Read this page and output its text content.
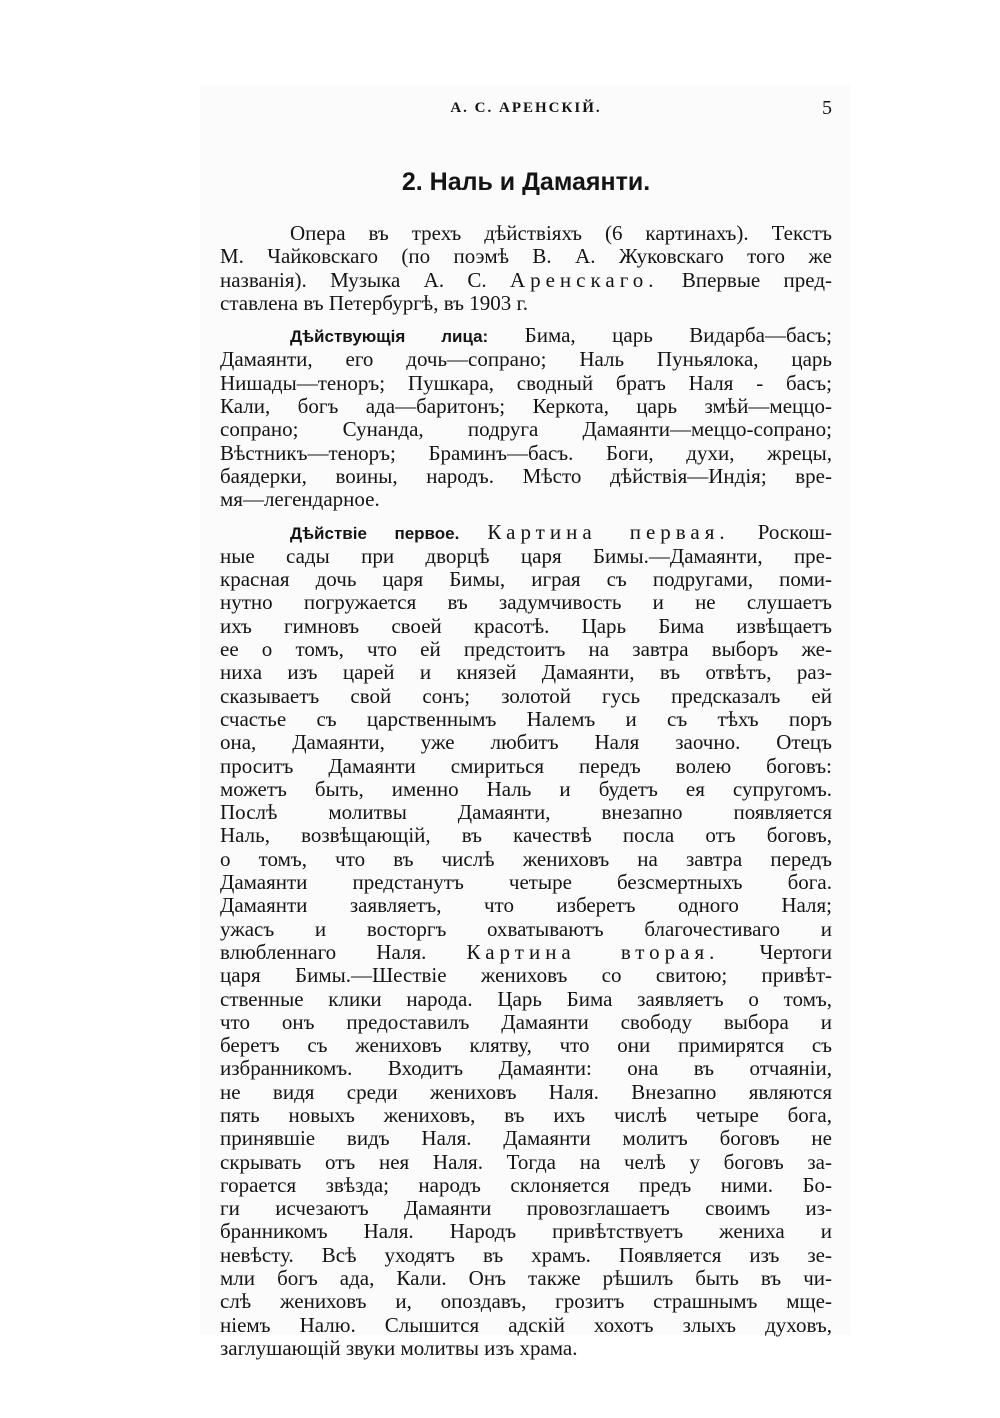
А. С. АРЕНСКІЙ.	5
2. Наль и Дамаянти.
Опера въ трехъ дѣйствіяхъ (6 картинахъ). Текстъ
М. Чайковскаго (по поэмѣ В. А. Жуковскаго того же
названія). Музыка А. С. Аренскаго. Впервые пред-
ставлена въ Петербургѣ, въ 1903 г.
Дѣйствующія лица: Бима, царь Видарба—басъ;
Дамаянти, его дочь—сопрано; Наль Пуньялока, царь
Нишады—теноръ; Пушкара, сводный братъ Наля - басъ;
Кали, богъ ада—баритонъ; Керкота, царь змѣй—меццо-
сопрано; Сунанда, подруга Дамаянти—меццо-сопрано;
Вѣстникъ—теноръ; Браминъ—басъ. Боги, духи, жрецы,
баядерки, воины, народъ. Мѣсто дѣйствія—Индія; вре-
мя—легендарное.
Дѣйствіе первое. Картина первая. Роскош-
ные сады при дворцѣ царя Бимы.—Дамаянти, пре-
красная дочь царя Бимы, играя съ подругами, поми-
нутно погружается въ задумчивость и не слушаетъ
ихъ гимновъ своей красотѣ. Царь Бима извѣщаетъ
ее о томъ, что ей предстоитъ на завтра выборъ же-
ниха изъ царей и князей Дамаянти, въ отвѣтъ, раз-
сказываетъ свой сонъ; золотой гусь предсказалъ ей
счастье съ царственнымъ Налемъ и съ тѣхъ поръ
она, Дамаянти, уже любитъ Наля заочно. Отецъ
проситъ Дамаянти смириться передъ волею боговъ:
можетъ быть, именно Наль и будетъ ея супругомъ.
Послѣ молитвы Дамаянти, внезапно появляется
Наль, возвѣщающій, въ качествѣ посла отъ боговъ,
о томъ, что въ числѣ жениховъ на завтра передъ
Дамаянти предстанутъ четыре безсмертныхъ бога.
Дамаянти заявляетъ, что изберетъ одного Наля;
ужасъ и восторгъ охватываютъ благочестиваго и
влюбленнаго Наля. Картина вторая. Чертоги
царя Бимы.—Шествіе жениховъ со свитою; привѣт-
ственные клики народа. Царь Бима заявляетъ о томъ,
что онъ предоставилъ Дамаянти свободу выбора и
беретъ съ жениховъ клятву, что они примирятся съ
избранникомъ. Входитъ Дамаянти: она въ отчаяніи,
не видя среди жениховъ Наля. Внезапно являются
пять новыхъ жениховъ, въ ихъ числѣ четыре бога,
принявшіе видъ Наля. Дамаянти молитъ боговъ не
скрывать отъ нея Наля. Тогда на челѣ у боговъ за-
горается звѣзда; народъ склоняется предъ ними. Бо-
ги исчезаютъ Дамаянти провозглашаетъ своимъ из-
бранникомъ Наля. Народъ привѣтствуетъ жениха и
невѣсту. Всѣ уходятъ въ храмъ. Появляется изъ зе-
мли богъ ада, Кали. Онъ также рѣшилъ быть въ чи-
слѣ жениховъ и, опоздавъ, грозитъ страшнымъ мще-
ніемъ Налю. Слышится адскій хохотъ злыхъ духовъ,
заглушающій звуки молитвы изъ храма.
